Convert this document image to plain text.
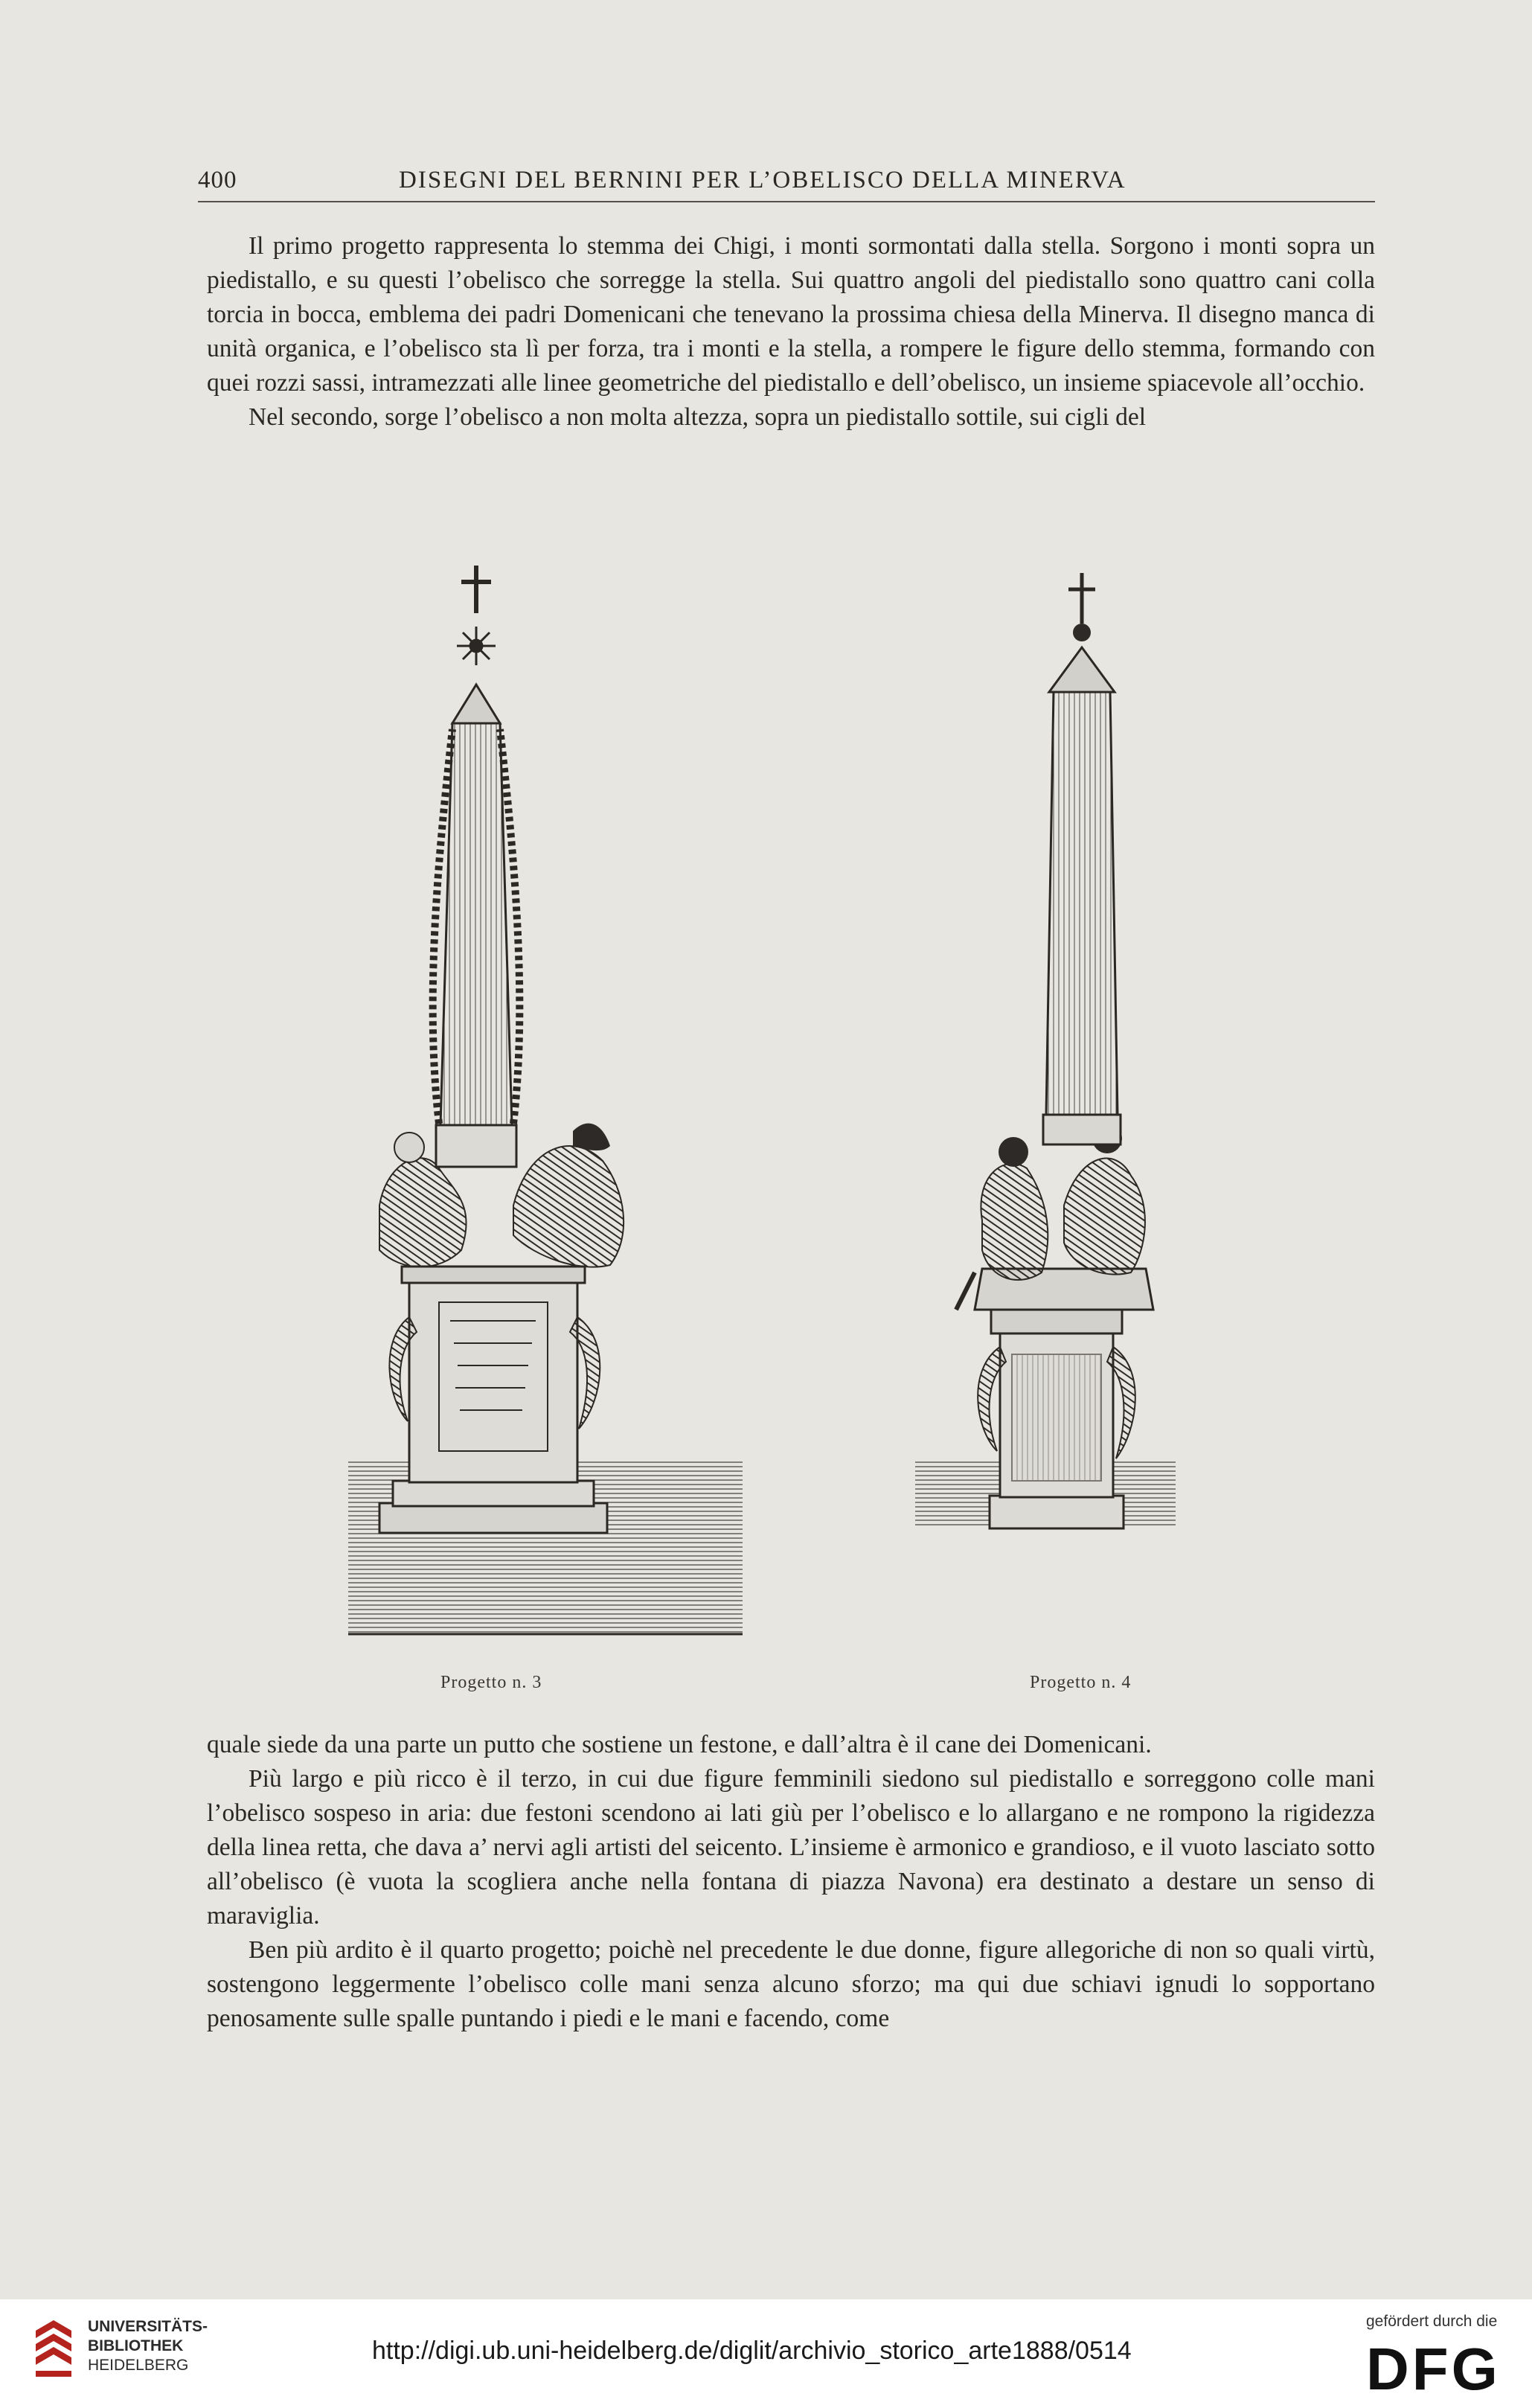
400	DISEGNI DEL BERNINI PER L’OBELISCO DELLA MINERVA

Il primo progetto rappresenta lo stemma dei Chigi, i monti sormontati dalla stella. Sorgono i monti sopra un piedistallo, e su questi l’obelisco che sorregge la stella. Sui quattro angoli del piedistallo sono quattro cani colla torcia in bocca, emblema dei padri Domenicani che tenevano la prossima chiesa della Minerva. Il disegno manca di unità organica, e l’obelisco sta lì per forza, tra i monti e la stella, a rompere le figure dello stemma, formando con quei rozzi sassi, intramezzati alle linee geometriche del piedistallo e dell’obelisco, un insieme spiacevole all’occhio.

Nel secondo, sorge l’obelisco a non molta altezza, sopra un piedistallo sottile, sui cigli del

Progetto n. 3	Progetto n. 4

quale siede da una parte un putto che sostiene un festone, e dall’altra è il cane dei Domenicani.

Più largo e più ricco è il terzo, in cui due figure femminili siedono sul piedistallo e sorreggono colle mani l’obelisco sospeso in aria: due festoni scendono ai lati giù per l’obelisco e lo allargano e ne rompono la rigidezza della linea retta, che dava a’ nervi agli artisti del seicento. L’insieme è armonico e grandioso, e il vuoto lasciato sotto all’obelisco (è vuota la scogliera anche nella fontana di piazza Navona) era destinato a destare un senso di maraviglia.

Ben più ardito è il quarto progetto; poichè nel precedente le due donne, figure allegoriche di non so quali virtù, sostengono leggermente l’obelisco colle mani senza alcuno sforzo; ma qui due schiavi ignudi lo sopportano penosamente sulle spalle puntando i piedi e le mani e facendo, come

UNIVERSITÄTS-
BIBLIOTHEK
HEIDELBERG
http://digi.ub.uni-heidelberg.de/diglit/archivio_storico_arte1888/0514
gefördert durch die
DFG
